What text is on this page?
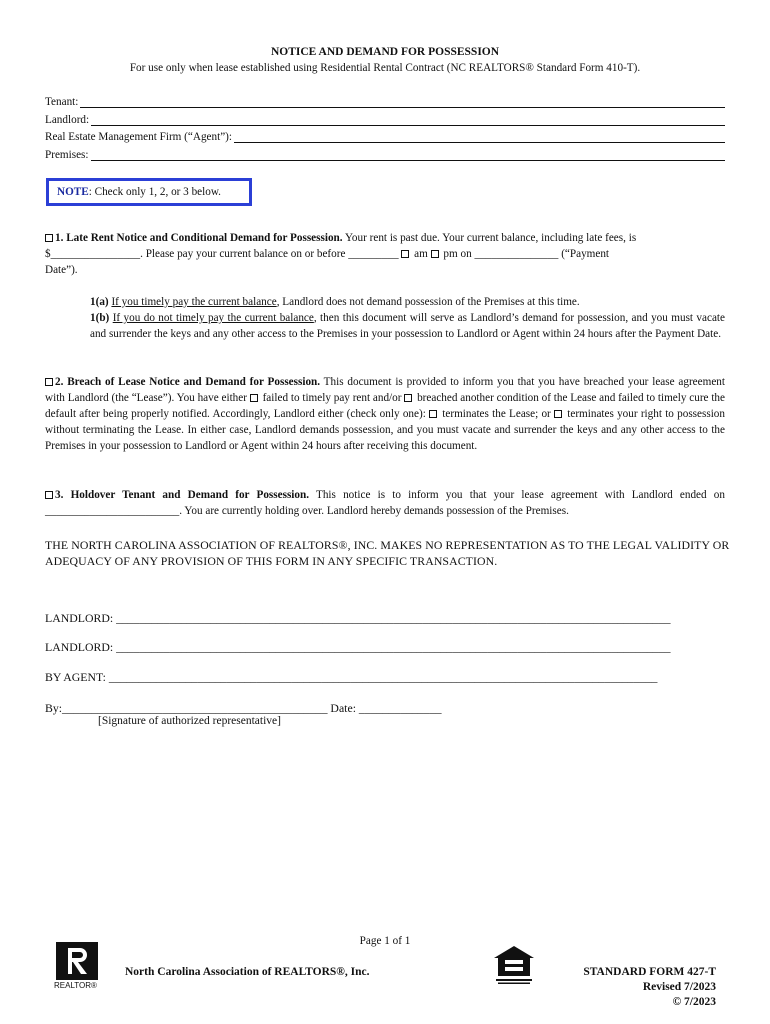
NOTICE AND DEMAND FOR POSSESSION
For use only when lease established using Residential Rental Contract (NC REALTORS® Standard Form 410-T).
Tenant:
Landlord:
Real Estate Management Firm (“Agent”):
Premises:
NOTE : Check only 1, 2, or 3 below.
1. Late Rent Notice and Conditional Demand for Possession. Your rent is past due. Your current balance, including late fees, is
$________________. Please pay your current balance on or before _________  am  pm on _______________ (“Payment
Date”).
1(a) If you timely pay the current balance, Landlord does not demand possession of the Premises at this time.
1(b) If you do not timely pay the current balance, then this document will serve as Landlord’s demand for possession, and you must vacate and surrender the keys and any other access to the Premises in your possession to Landlord or Agent within 24 hours after the Payment Date.
2. Breach of Lease Notice and Demand for Possession. This document is provided to inform you that you have breached your lease agreement with Landlord (the “Lease”). You have either  failed to timely pay rent and/or  breached another condition of the Lease and failed to timely cure the default after being properly notified. Accordingly, Landlord either (check only one):  terminates the Lease; or  terminates your right to possession without terminating the Lease. In either case, Landlord demands possession, and you must vacate and surrender the keys and any other access to the Premises in your possession to Landlord or Agent within 24 hours after receiving this document.
3. Holdover Tenant and Demand for Possession. This notice is to inform you that your lease agreement with Landlord ended on ________________________. You are currently holding over. Landlord hereby demands possession of the Premises.
THE NORTH CAROLINA ASSOCIATION OF REALTORS®, INC. MAKES NO REPRESENTATION AS TO THE LEGAL VALIDITY OR ADEQUACY OF ANY PROVISION OF THIS FORM IN ANY SPECIFIC TRANSACTION.
LANDLORD: ______________________________________________________________________________________________
LANDLORD: ______________________________________________________________________________________________
BY AGENT: _____________________________________________________________________________________________
By:_____________________________________________ Date: ______________
[Signature of authorized representative]
Page 1 of 1
REALTOR®
North Carolina Association of REALTORS®, Inc.	STANDARD FORM 427-T
Revised 7/2023
© 7/2023
